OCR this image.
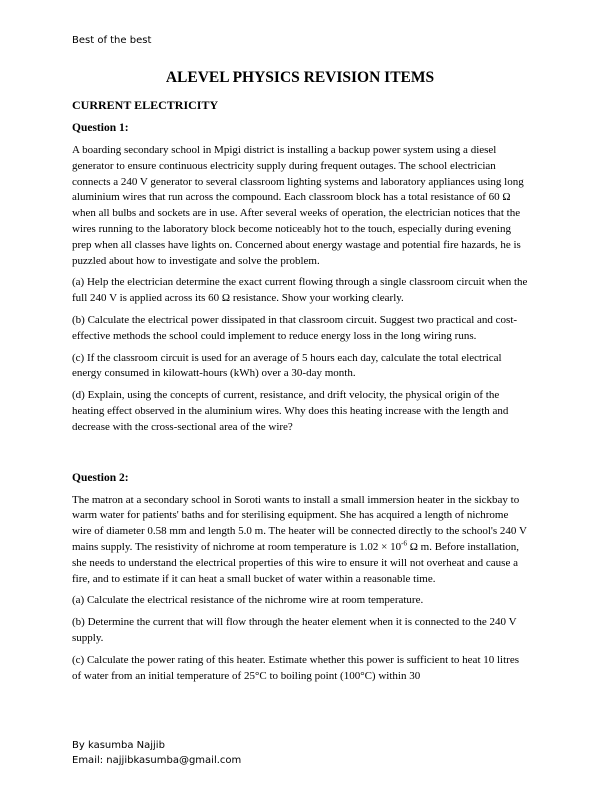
Best of the best
ALEVEL PHYSICS REVISION ITEMS
CURRENT ELECTRICITY
Question 1:

A boarding secondary school in Mpigi district is installing a backup power system using a diesel generator to ensure continuous electricity supply during frequent outages. The school electrician connects a 240 V generator to several classroom lighting systems and laboratory appliances using long aluminium wires that run across the compound. Each classroom block has a total resistance of 60 Ω when all bulbs and sockets are in use. After several weeks of operation, the electrician notices that the wires running to the laboratory block become noticeably hot to the touch, especially during evening prep when all classes have lights on. Concerned about energy wastage and potential fire hazards, he is puzzled about how to investigate and solve the problem.

(a) Help the electrician determine the exact current flowing through a single classroom circuit when the full 240 V is applied across its 60 Ω resistance. Show your working clearly.

(b) Calculate the electrical power dissipated in that classroom circuit. Suggest two practical and cost-effective methods the school could implement to reduce energy loss in the long wiring runs.

(c) If the classroom circuit is used for an average of 5 hours each day, calculate the total electrical energy consumed in kilowatt-hours (kWh) over a 30-day month.

(d) Explain, using the concepts of current, resistance, and drift velocity, the physical origin of the heating effect observed in the aluminium wires. Why does this heating increase with the length and decrease with the cross-sectional area of the wire?

Question 2:

The matron at a secondary school in Soroti wants to install a small immersion heater in the sickbay to warm water for patients' baths and for sterilising equipment. She has acquired a length of nichrome wire of diameter 0.58 mm and length 5.0 m. The heater will be connected directly to the school's 240 V mains supply. The resistivity of nichrome at room temperature is $1.02 \times 10^{-6}$ Ω m. Before installation, she needs to understand the electrical properties of this wire to ensure it will not overheat and cause a fire, and to estimate if it can heat a small bucket of water within a reasonable time.

(a) Calculate the electrical resistance of the nichrome wire at room temperature.

(b) Determine the current that will flow through the heater element when it is connected to the 240 V supply.

(c) Calculate the power rating of this heater. Estimate whether this power is sufficient to heat 10 litres of water from an initial temperature of 25°C to boiling point (100°C) within 30

By kasumba Najjib
Email: najjibkasumba@gmail.com
